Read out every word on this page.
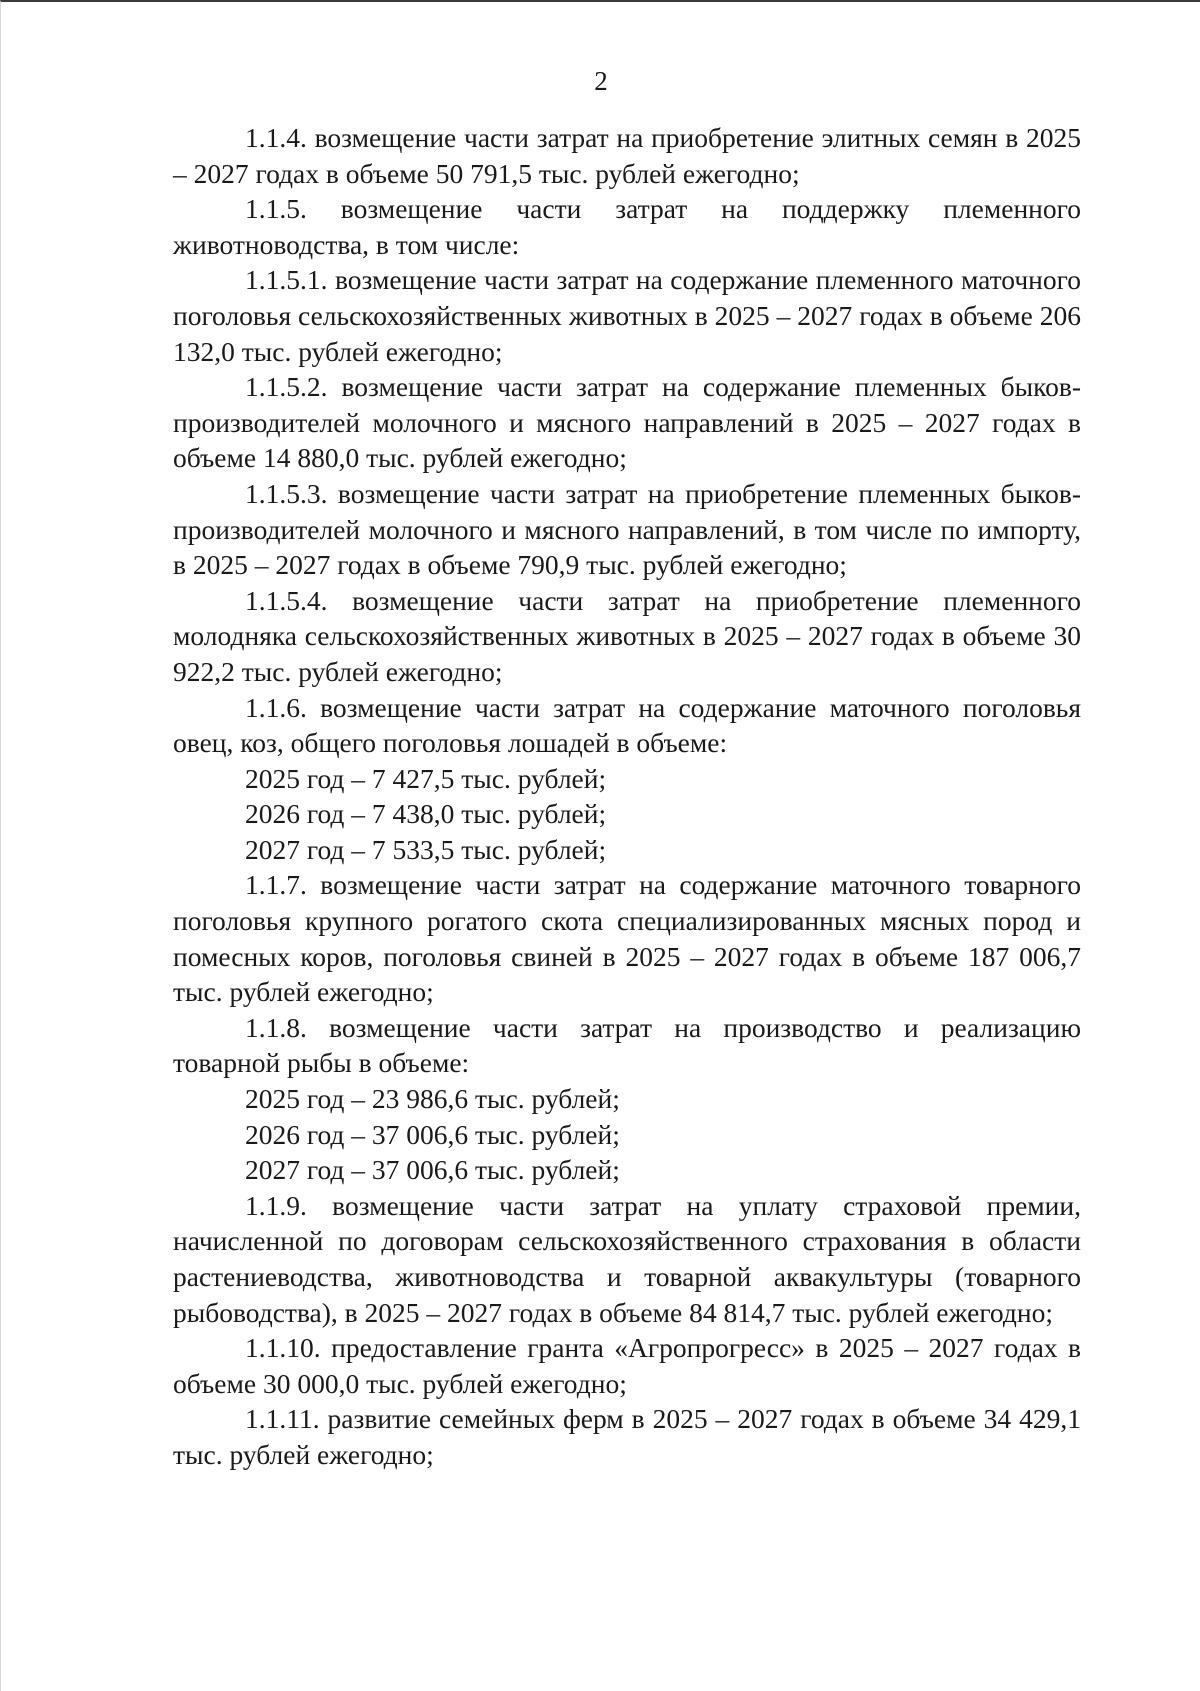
2

1.1.4. возмещение части затрат на приобретение элитных семян в 2025 – 2027 годах в объеме 50 791,5 тыс. рублей ежегодно;

1.1.5. возмещение части затрат на поддержку племенного животноводства, в том числе:

1.1.5.1. возмещение части затрат на содержание племенного маточного поголовья сельскохозяйственных животных в 2025 – 2027 годах в объеме 206 132,0 тыс. рублей ежегодно;

1.1.5.2. возмещение части затрат на содержание племенных быков-производителей молочного и мясного направлений в 2025 – 2027 годах в объеме 14 880,0 тыс. рублей ежегодно;

1.1.5.3. возмещение части затрат на приобретение племенных быков-производителей молочного и мясного направлений, в том числе по импорту, в 2025 – 2027 годах в объеме 790,9 тыс. рублей ежегодно;

1.1.5.4. возмещение части затрат на приобретение племенного молодняка сельскохозяйственных животных в 2025 – 2027 годах в объеме 30 922,2 тыс. рублей ежегодно;

1.1.6. возмещение части затрат на содержание маточного поголовья овец, коз, общего поголовья лошадей в объеме:

2025 год – 7 427,5 тыс. рублей;

2026 год – 7 438,0 тыс. рублей;

2027 год – 7 533,5 тыс. рублей;

1.1.7. возмещение части затрат на содержание маточного товарного поголовья крупного рогатого скота специализированных мясных пород и помесных коров, поголовья свиней в 2025 – 2027 годах в объеме 187 006,7 тыс. рублей ежегодно;

1.1.8. возмещение части затрат на производство и реализацию товарной рыбы в объеме:

2025 год – 23 986,6 тыс. рублей;

2026 год – 37 006,6 тыс. рублей;

2027 год – 37 006,6 тыс. рублей;

1.1.9. возмещение части затрат на уплату страховой премии, начисленной по договорам сельскохозяйственного страхования в области растениеводства, животноводства и товарной аквакультуры (товарного рыбоводства), в 2025 – 2027 годах в объеме 84 814,7 тыс. рублей ежегодно;

1.1.10. предоставление гранта «Агропрогресс» в 2025 – 2027 годах в объеме 30 000,0 тыс. рублей ежегодно;

1.1.11. развитие семейных ферм в 2025 – 2027 годах в объеме 34 429,1 тыс. рублей ежегодно;
